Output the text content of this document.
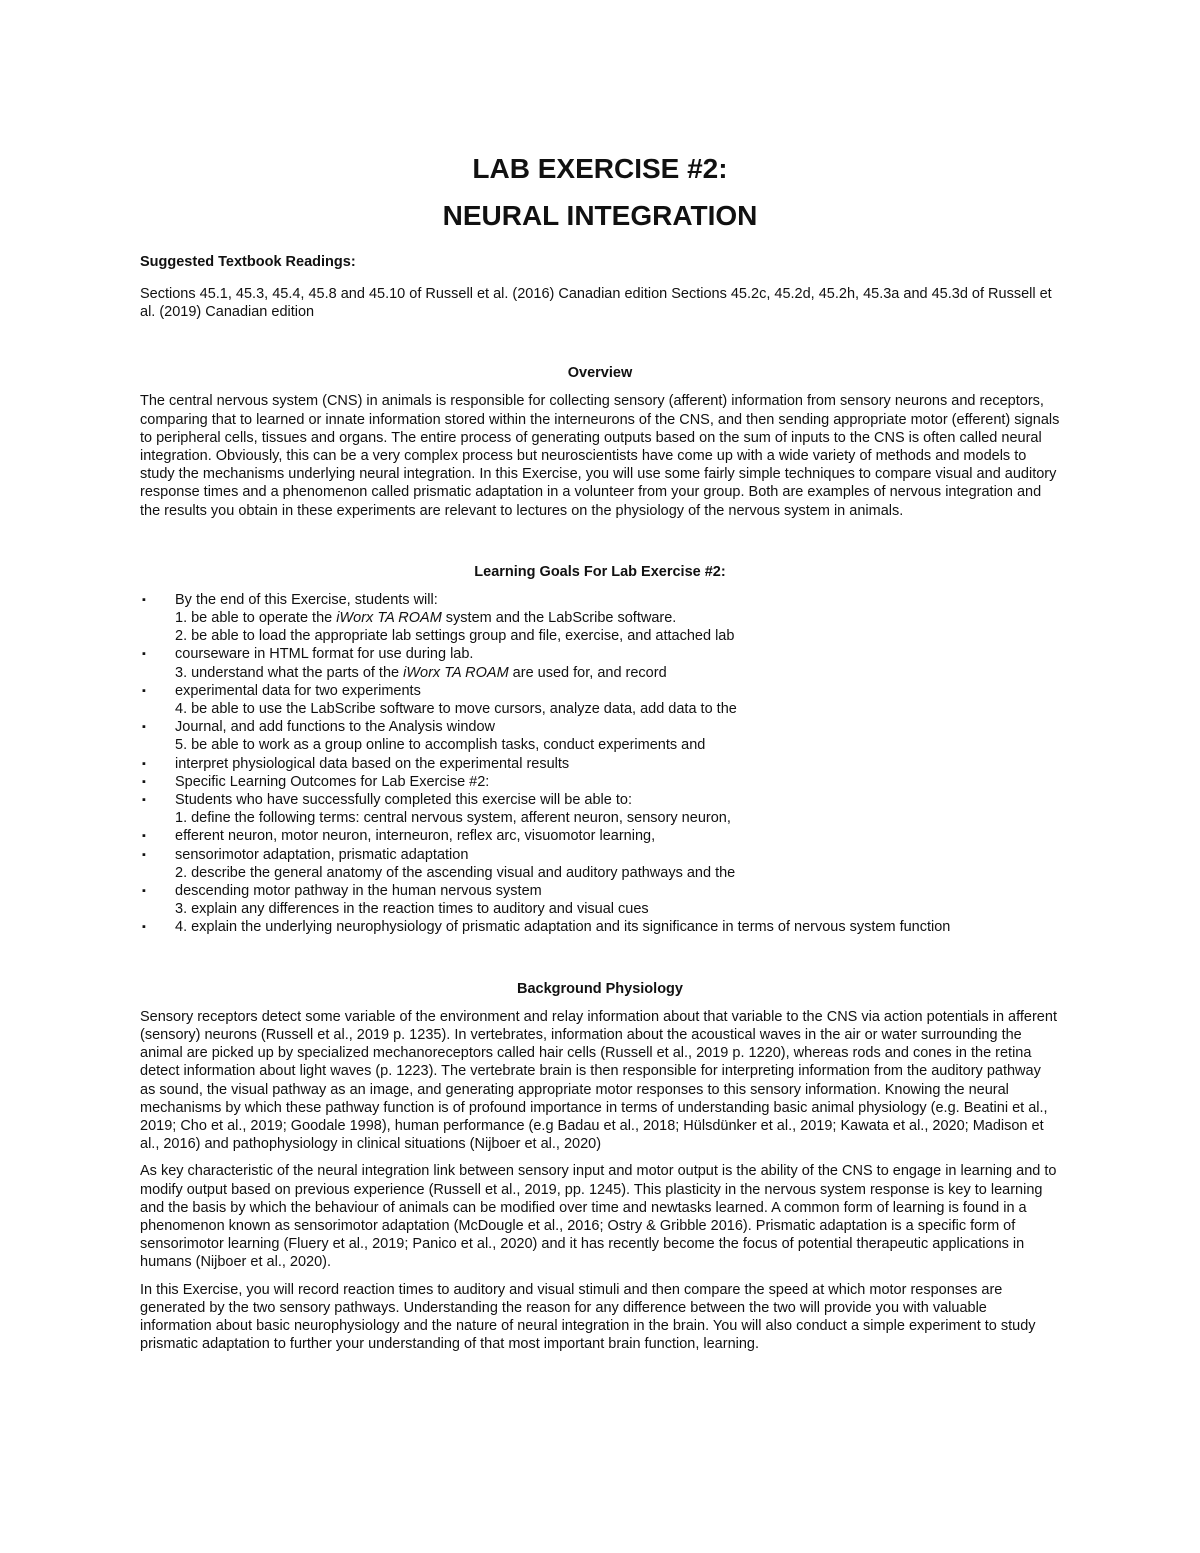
LAB EXERCISE #2:
NEURAL INTEGRATION
Suggested Textbook Readings:

Sections 45.1, 45.3, 45.4, 45.8 and 45.10 of Russell et al. (2016) Canadian edition Sections 45.2c, 45.2d, 45.2h, 45.3a and 45.3d of Russell et al. (2019) Canadian edition

Overview

The central nervous system (CNS) in animals is responsible for collecting sensory (afferent) information from sensory neurons and receptors, comparing that to learned or innate information stored within the interneurons of the CNS, and then sending appropriate motor (efferent) signals to peripheral cells, tissues and organs. The entire process of generating outputs based on the sum of inputs to the CNS is often called neural integration. Obviously, this can be a very complex process but neuroscientists have come up with a wide variety of methods and models to study the mechanisms underlying neural integration. In this Exercise, you will use some fairly simple techniques to compare visual and auditory response times and a phenomenon called prismatic adaptation in a volunteer from your group. Both are examples of nervous integration and the results you obtain in these experiments are relevant to lectures on the physiology of the nervous system in animals.

Learning Goals For Lab Exercise #2:
▪ By the end of this Exercise, students will:
1. be able to operate the iWorx TA ROAM system and the LabScribe software.
2. be able to load the appropriate lab settings group and file, exercise, and attached lab
▪ courseware in HTML format for use during lab.
3. understand what the parts of the iWorx TA ROAM are used for, and record
▪ experimental data for two experiments
4. be able to use the LabScribe software to move cursors, analyze data, add data to the
▪ Journal, and add functions to the Analysis window
5. be able to work as a group online to accomplish tasks, conduct experiments and
▪ interpret physiological data based on the experimental results
▪ Specific Learning Outcomes for Lab Exercise #2:
▪ Students who have successfully completed this exercise will be able to:
1. define the following terms: central nervous system, afferent neuron, sensory neuron,
▪ efferent neuron, motor neuron, interneuron, reflex arc, visuomotor learning,
▪ sensorimotor adaptation, prismatic adaptation
2. describe the general anatomy of the ascending visual and auditory pathways and the
▪ descending motor pathway in the human nervous system
3. explain any differences in the reaction times to auditory and visual cues
▪ 4. explain the underlying neurophysiology of prismatic adaptation and its significance in terms of nervous system function
Background Physiology

Sensory receptors detect some variable of the environment and relay information about that variable to the CNS via action potentials in afferent (sensory) neurons (Russell et al., 2019 p. 1235). In vertebrates, information about the acoustical waves in the air or water surrounding the animal are picked up by specialized mechanoreceptors called hair cells (Russell et al., 2019 p. 1220), whereas rods and cones in the retina detect information about light waves (p. 1223). The vertebrate brain is then responsible for interpreting information from the auditory pathway as sound, the visual pathway as an image, and generating appropriate motor responses to this sensory information. Knowing the neural mechanisms by which these pathway function is of profound importance in terms of understanding basic animal physiology (e.g. Beatini et al., 2019; Cho et al., 2019; Goodale 1998), human performance (e.g Badau et al., 2018; Hülsdünker et al., 2019; Kawata et al., 2020; Madison et al., 2016) and pathophysiology in clinical situations (Nijboer et al., 2020)

As key characteristic of the neural integration link between sensory input and motor output is the ability of the CNS to engage in learning and to modify output based on previous experience (Russell et al., 2019, pp. 1245). This plasticity in the nervous system response is key to learning and the basis by which the behaviour of animals can be modified over time and newtasks learned. A common form of learning is found in a phenomenon known as sensorimotor adaptation (McDougle et al., 2016; Ostry & Gribble 2016). Prismatic adaptation is a specific form of sensorimotor learning (Fluery et al., 2019; Panico et al., 2020) and it has recently become the focus of potential therapeutic applications in humans (Nijboer et al., 2020).

In this Exercise, you will record reaction times to auditory and visual stimuli and then compare the speed at which motor responses are generated by the two sensory pathways. Understanding the reason for any difference between the two will provide you with valuable information about basic neurophysiology and the nature of neural integration in the brain. You will also conduct a simple experiment to study prismatic adaptation to further your understanding of that most important brain function, learning.
